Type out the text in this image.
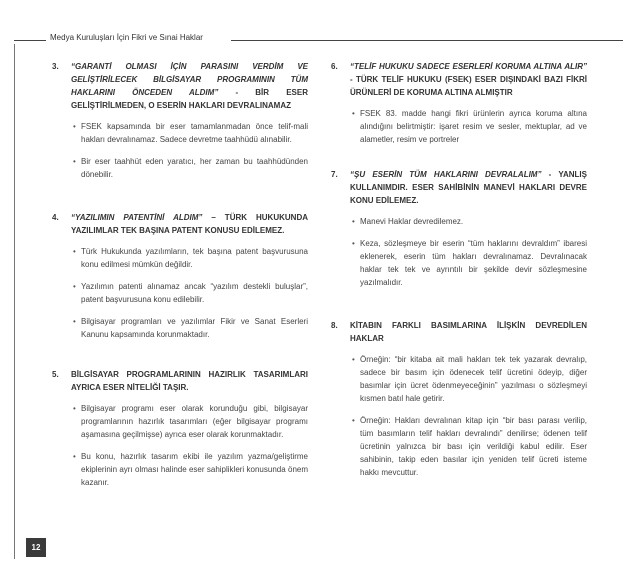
Medya Kuruluşları İçin Fikri ve Sınai Haklar
3. “GARANTİ OLMASI İÇİN PARASINI VERDİM VE GELİŞTİRİLECEK BİLGİSAYAR PROGRAMININ TÜM HAKLARINI ÖNCEDEN ALDIM” - BİR ESER GELİŞTİRİLMEDEN, O ESERİN HAKLARI DEVRALINAMAZ
• FSEK kapsamında bir eser tamamlanmadan önce telif-mali hakları devralınamaz. Sadece devretme taahhüdü alınabilir.
• Bir eser taahhüt eden yaratıcı, her zaman bu taahhüdünden dönebilir.
4. “YAZILIMIN PATENTİNİ ALDIM” – TÜRK HUKUKUNDA YAZILIMLAR TEK BAŞINA PATENT KONUSU EDİLEMEZ.
• Türk Hukukunda yazılımların, tek başına patent başvurusuna konu edilmesi mümkün değildir.
• Yazılımın patenti alınamaz ancak “yazılım destekli buluşlar”, patent başvurusuna konu edilebilir.
• Bilgisayar programları ve yazılımlar Fikir ve Sanat Eserleri Kanunu kapsamında korunmaktadır.
5. BİLGİSAYAR PROGRAMLARININ HAZIRLIK TASARIMLARI AYRICA ESER NİTELİĞİ TAŞIR.
• Bilgisayar programı eser olarak korunduğu gibi, bilgisayar programlarının hazırlık tasarımları (eğer bilgisayar programı aşamasına geçilmişse) ayrıca eser olarak korunmaktadır.
• Bu konu, hazırlık tasarım ekibi ile yazılım yazma/geliştirme ekiplerinin ayrı olması halinde eser sahiplikleri konusunda önem kazanır.
6. “TELİF HUKUKU SADECE ESERLERİ KORUMA ALTINA ALIR” - TÜRK TELİF HUKUKU (FSEK) ESER DIŞINDAKİ BAZI FİKRİ ÜRÜNLERİ DE KORUMA ALTINA ALMIŞTIR
• FSEK 83. madde hangi fikri ürünlerin ayrıca koruma altına alındığını belirtmiştir: işaret resim ve sesler, mektuplar, ad ve alametler, resim ve portreler
7. “ŞU ESERİN TÜM HAKLARINI DEVRALALIM” - YANLIŞ KULLANIMDIR. ESER SAHİBİNİN MANEVİ HAKLARI DEVRE KONU EDİLEMEZ.
• Manevi Haklar devredilemez.
• Keza, sözleşmeye bir eserin “tüm haklarını devraldım” ibaresi eklenerek, eserin tüm hakları devralınamaz. Devralınacak haklar tek tek ve ayrıntılı bir şekilde devir sözleşmesine yazılmalıdır.
8. KİTABIN FARKLI BASIMLARINA İLİŞKİN DEVREDİLEN HAKLAR
• Örneğin: “bir kitaba ait mali hakları tek tek yazarak devralıp, sadece bir basım için ödenecek telif ücretini ödeyip, diğer basımlar için ücret ödenmeyeceğinin” yazılması o sözleşmeyi kısmen batıl hale getirir.
• Örneğin: Hakları devralınan kitap için “bir bası parası verilip, tüm basımların telif hakları devralındı” denilirse; ödenen telif ücretinin yalnızca bir bası için verildiği kabul edilir. Eser sahibinin, takip eden basılar için yeniden telif ücreti isteme hakkı mevcuttur.
12
